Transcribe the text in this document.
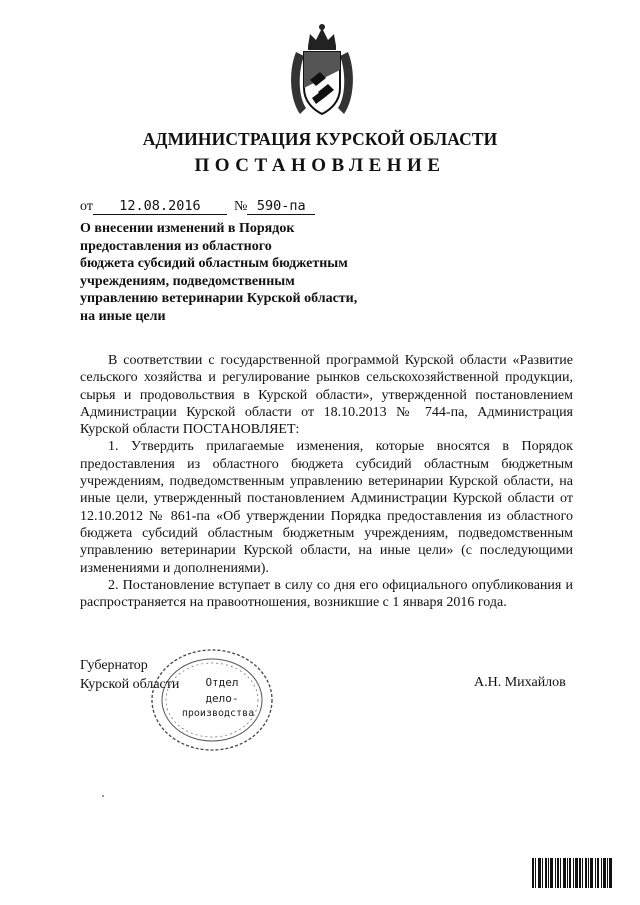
АДМИНИСТРАЦИЯ КУРСКОЙ ОБЛАСТИ
ПОСТАНОВЛЕНИЕ
от 12.08.2016 № 590-па
О внесении изменений в Порядок
предоставления из областного
бюджета субсидий областным бюджетным
учреждениям, подведомственным
управлению ветеринарии Курской области,
на иные цели

В соответствии с государственной программой Курской области «Развитие сельского хозяйства и регулирование рынков сельскохозяйственной продукции, сырья и продовольствия в Курской области», утвержденной постановлением Администрации Курской области от 18.10.2013 № 744-па, Администрация Курской области ПОСТАНОВЛЯЕТ:

1. Утвердить прилагаемые изменения, которые вносятся в Порядок предоставления из областного бюджета субсидий областным бюджетным учреждениям, подведомственным управлению ветеринарии Курской области, на иные цели, утвержденный постановлением Администрации Курской области от 12.10.2012 № 861-па «Об утверждении Порядка предоставления из областного бюджета субсидий областным бюджетным учреждениям, подведомственным управлению ветеринарии Курской области, на иные цели» (с последующими изменениями и дополнениями).

2. Постановление вступает в силу со дня его официального опубликования и распространяется на правоотношения, возникшие с 1 января 2016 года.

Отдел
дело-
производства
Губернатор
Курской области	А.Н. Михайлов
